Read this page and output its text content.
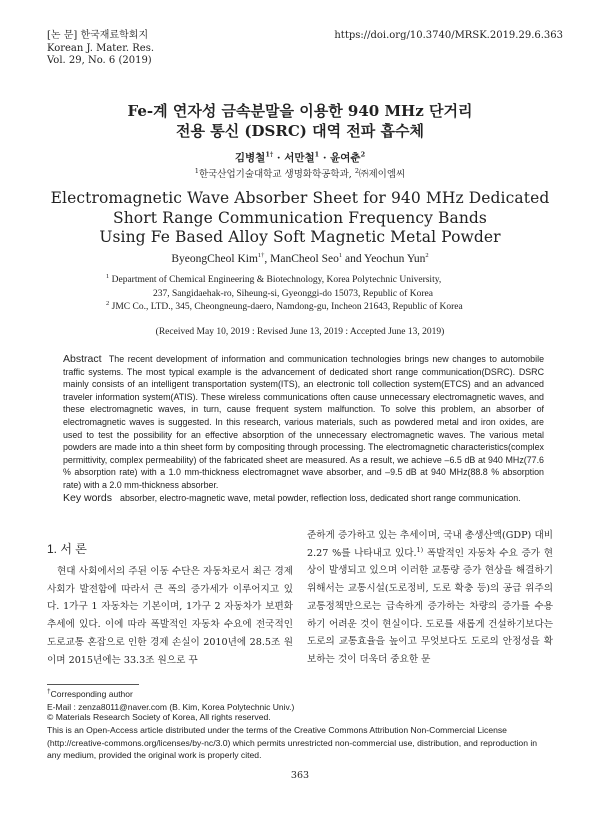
[논 문] 한국재료학회지
Korean J. Mater. Res.
Vol. 29, No. 6 (2019)
https://doi.org/10.3740/MRSK.2019.29.6.363
Fe-계 연자성 금속분말을 이용한 940 MHz 단거리
전용 통신 (DSRC) 대역 전파 흡수체
김병철$^{1\dagger}$ · 서만철$^1$ · 윤여춘$^2$
$^1$한국산업기술대학교 생명화학공학과, $^2$㈜제이엠씨
Electromagnetic Wave Absorber Sheet for 940 MHz Dedicated
Short Range Communication Frequency Bands
Using Fe Based Alloy Soft Magnetic Metal Powder
ByeongCheol Kim$^{1\dagger}$, ManCheol Seo$^1$ and Yeochun Yun$^2$
$^1$ Department of Chemical Engineering & Biotechnology, Korea Polytechnic University,
237, Sangidaehak-ro, Siheung-si, Gyeonggi-do 15073, Republic of Korea
$^2$ JMC Co., LTD., 345, Cheongneung-daero, Namdong-gu, Incheon 21643, Republic of Korea
(Received May 10, 2019 : Revised June 13, 2019 : Accepted June 13, 2019)
Abstract The recent development of information and communication technologies brings new changes to automobile traffic systems. The most typical example is the advancement of dedicated short range communication(DSRC). DSRC mainly consists of an intelligent transportation system(ITS), an electronic toll collection system(ETCS) and an advanced traveler information system(ATIS). These wireless communications often cause unnecessary electromagnetic waves, and these electromagnetic waves, in turn, cause frequent system malfunction. To solve this problem, an absorber of electromagnetic waves is suggested. In this research, various materials, such as powdered metal and iron oxides, are used to test the possibility for an effective absorption of the unnecessary electromagnetic waves. The various metal powders are made into a thin sheet form by compositing through processing. The electromagnetic characteristics(complex permittivity, complex permeability) of the fabricated sheet are measured. As a result, we achieve –6.5 dB at 940 MHz(77.6 % absorption rate) with a 1.0 mm-thickness electromagnet wave absorber, and –9.5 dB at 940 MHz(88.8 % absorption rate) with a 2.0 mm-thickness absorber.
Key words absorber, electro-magnetic wave, metal powder, reflection loss, dedicated short range communication.
1. 서 론
현대 사회에서의 주된 이동 수단은 자동차로서 최근 경제사회가 발전함에 따라서 큰 폭의 증가세가 이루어지고 있다. 1가구 1 자동차는 기본이며, 1가구 2 자동차가 보편화 추세에 있다. 이에 따라 폭발적인 자동차 수요에 전국적인 도로교통 혼잡으로 인한 경제 손실이 2010년에 28.5조 원이며 2015년에는 33.3조 원으로 꾸
준하게 증가하고 있는 추세이며, 국내 총생산액(GDP) 대비 2.27 %를 나타내고 있다.$^{1)}$ 폭발적인 자동차 수요 증가 현상이 발생되고 있으며 이러한 교통량 증가 현상을 해결하기 위해서는 교통시설(도로정비, 도로 확충 등)의 공급 위주의 교통정책만으로는 급속하게 증가하는 차량의 증가를 수용하기 어려운 것이 현실이다. 도로를 새롭게 건설하기보다는 도로의 교통효율을 높이고 무엇보다도 도로의 안정성을 확보하는 것이 더욱더 중요한 문
†Corresponding author
E-Mail : zenza8011@naver.com (B. Kim, Korea Polytechnic Univ.)
© Materials Research Society of Korea, All rights reserved.
This is an Open-Access article distributed under the terms of the Creative Commons Attribution Non-Commercial License (http://creative-commons.org/licenses/by-nc/3.0) which permits unrestricted non-commercial use, distribution, and reproduction in any medium, provided the original work is properly cited.
363
